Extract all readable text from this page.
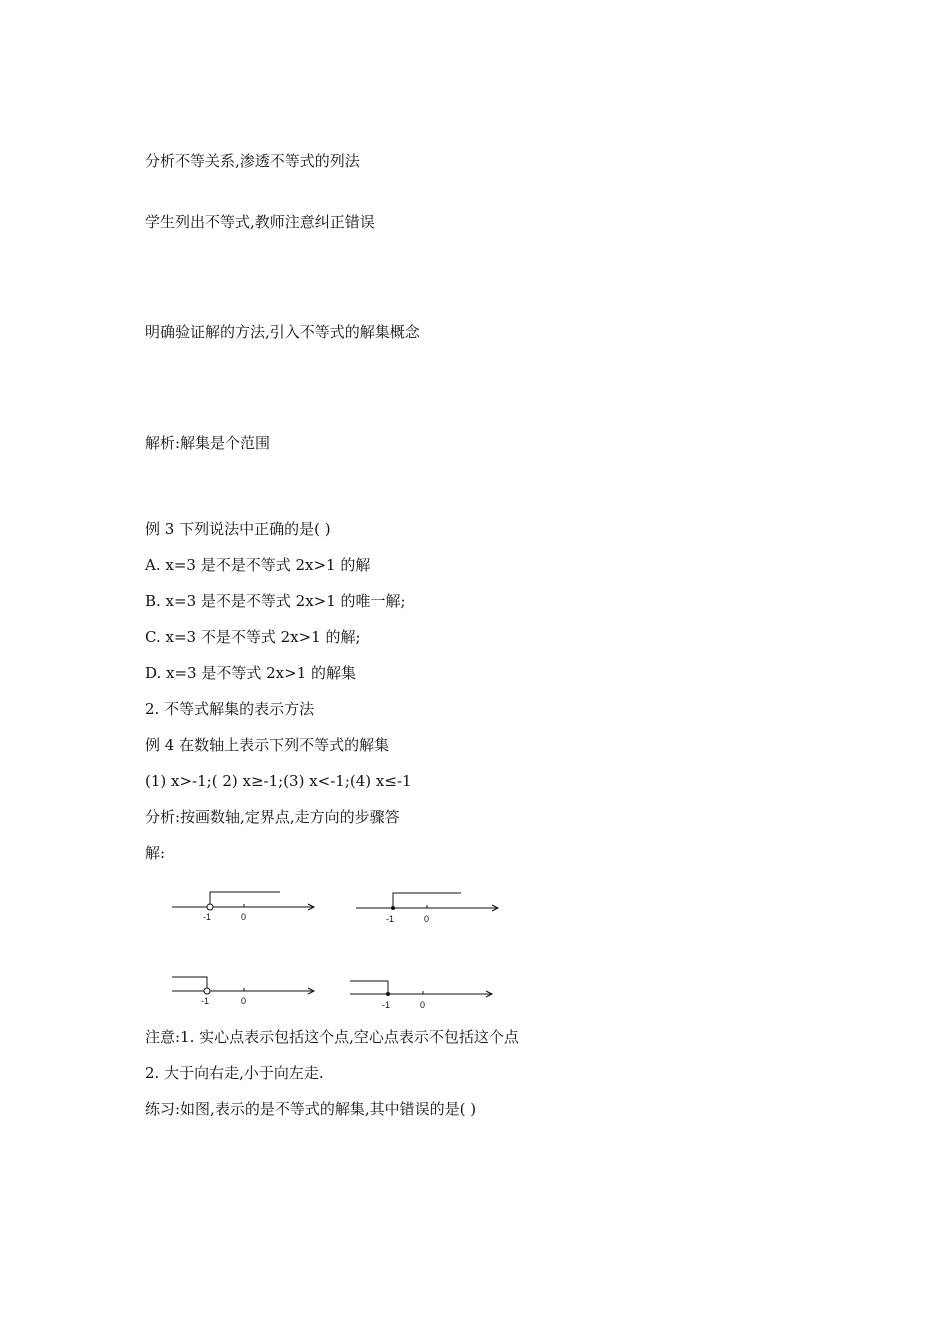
分析不等关系,渗透不等式的列法
学生列出不等式,教师注意纠正错误
明确验证解的方法,引入不等式的解集概念
解析:解集是个范围
例 3 下列说法中正确的是( )
A. x=3 是不是不等式 2x>1 的解
B. x=3 是不是不等式 2x>1 的唯一解;
C. x=3 不是不等式 2x>1 的解;
D. x=3 是不等式 2x>1 的解集
2. 不等式解集的表示方法
例 4 在数轴上表示下列不等式的解集
(1) x>-1;( 2) x≥-1;(3) x<-1;(4) x≤-1
分析:按画数轴,定界点,走方向的步骤答
解:
-1	0	-1	0
-1	0	-1	0
注意:1. 实心点表示包括这个点,空心点表示不包括这个点
2. 大于向右走,小于向左走.
练习:如图,表示的是不等式的解集,其中错误的是( )
